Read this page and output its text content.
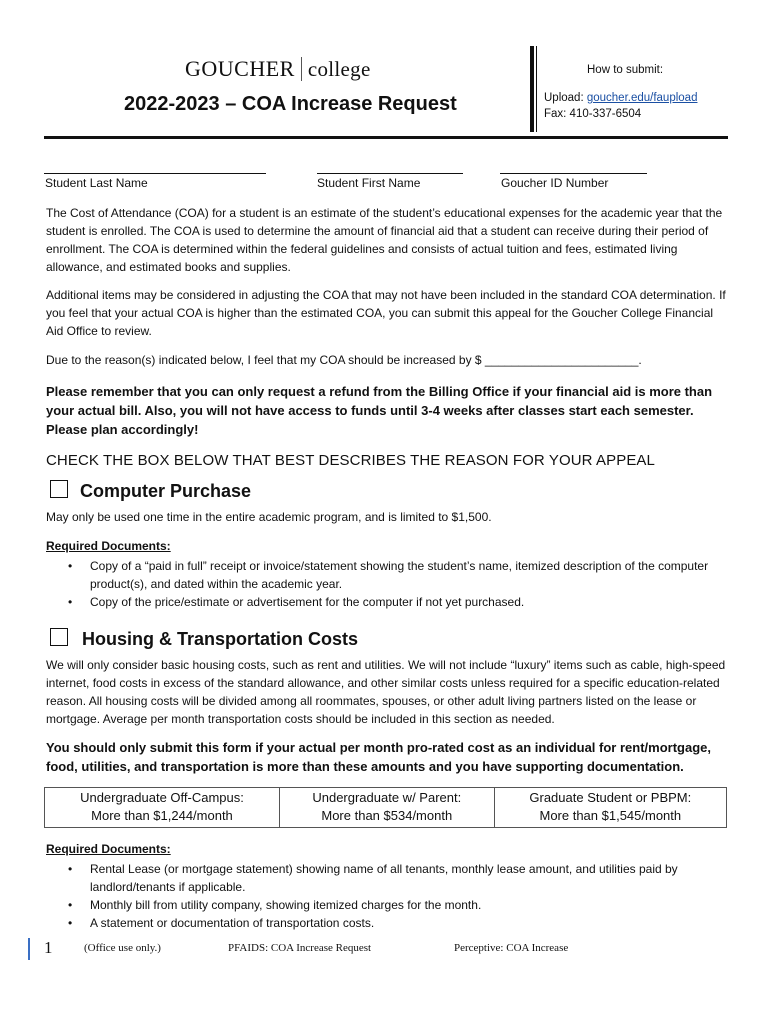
GOUCHER college
2022-2023 – COA Increase Request
How to submit:
Upload: goucher.edu/faupload
Fax: 410-337-6504
Student Last Name	Student First Name	Goucher ID Number
The Cost of Attendance (COA) for a student is an estimate of the student’s educational expenses for the academic year that the student is enrolled. The COA is used to determine the amount of financial aid that a student can receive during their period of enrollment. The COA is determined within the federal guidelines and consists of actual tuition and fees, estimated living allowance, and estimated books and supplies.
Additional items may be considered in adjusting the COA that may not have been included in the standard COA determination. If you feel that your actual COA is higher than the estimated COA, you can submit this appeal for the Goucher College Financial Aid Office to review.
Due to the reason(s) indicated below, I feel that my COA should be increased by $ _______________________.
Please remember that you can only request a refund from the Billing Office if your financial aid is more than your actual bill. Also, you will not have access to funds until 3-4 weeks after classes start each semester. Please plan accordingly!
CHECK THE BOX BELOW THAT BEST DESCRIBES THE REASON FOR YOUR APPEAL
Computer Purchase
May only be used one time in the entire academic program, and is limited to $1,500.
Required Documents:
• Copy of a “paid in full” receipt or invoice/statement showing the student’s name, itemized description of the computer product(s), and dated within the academic year.
• Copy of the price/estimate or advertisement for the computer if not yet purchased.
Housing & Transportation Costs
We will only consider basic housing costs, such as rent and utilities. We will not include “luxury” items such as cable, high-speed internet, food costs in excess of the standard allowance, and other similar costs unless required for a specific education-related reason. All housing costs will be divided among all roommates, spouses, or other adult living partners listed on the lease or mortgage. Average per month transportation costs should be included in this section as needed.
You should only submit this form if your actual per month pro-rated cost as an individual for rent/mortgage, food, utilities, and transportation is more than these amounts and you have supporting documentation.
Undergraduate Off-Campus:
More than $1,244/month

Undergraduate w/ Parent:
More than $534/month

Graduate Student or PBPM:
More than $1,545/month
Required Documents:
• Rental Lease (or mortgage statement) showing name of all tenants, monthly lease amount, and utilities paid by landlord/tenants if applicable.
• Monthly bill from utility company, showing itemized charges for the month.
• A statement or documentation of transportation costs.
1	(Office use only.)	PFAIDS: COA Increase Request	Perceptive: COA Increase
